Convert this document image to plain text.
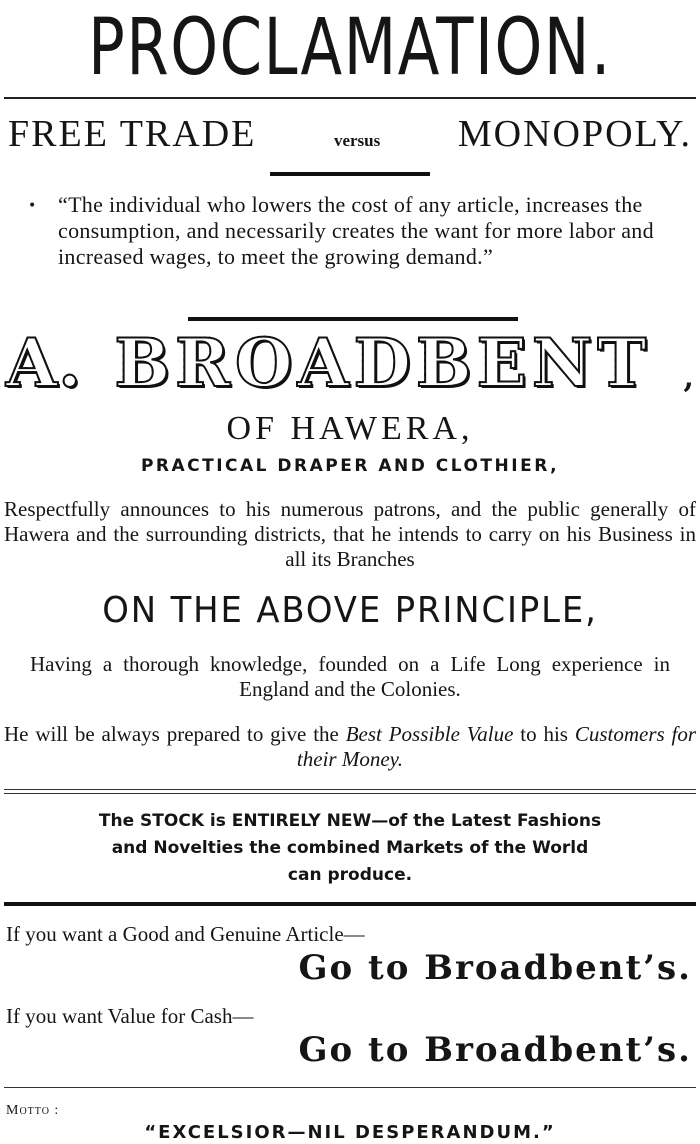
PROCLAMATION.
FREE TRADE	versus MONOPOLY.
• “The individual who lowers the cost of any article, increases the consumption, and necessarily creates the want for more labor and increased wages, to meet the growing demand.”
A. BROADBENT ,
OF HAWERA,
PRACTICAL DRAPER AND CLOTHIER,
Respectfully announces to his numerous patrons, and the public generally of Hawera and the surrounding districts, that he intends to carry on his Business in all its Branches
ON THE ABOVE PRINCIPLE,
Having a thorough knowledge, founded on a Life Long experience in England and the Colonies.
He will be always prepared to give the Best Possible Value to his Customers for their Money.
The STOCK is ENTIRELY NEW—of the Latest Fashions
and Novelties the combined Markets of the World
can produce.
If you want a Good and Genuine Article—
Go to Broadbent’s.
If you want Value for Cash—
Go to Broadbent’s.
Motto :
“EXCELSIOR—NIL DESPERANDUM.”
